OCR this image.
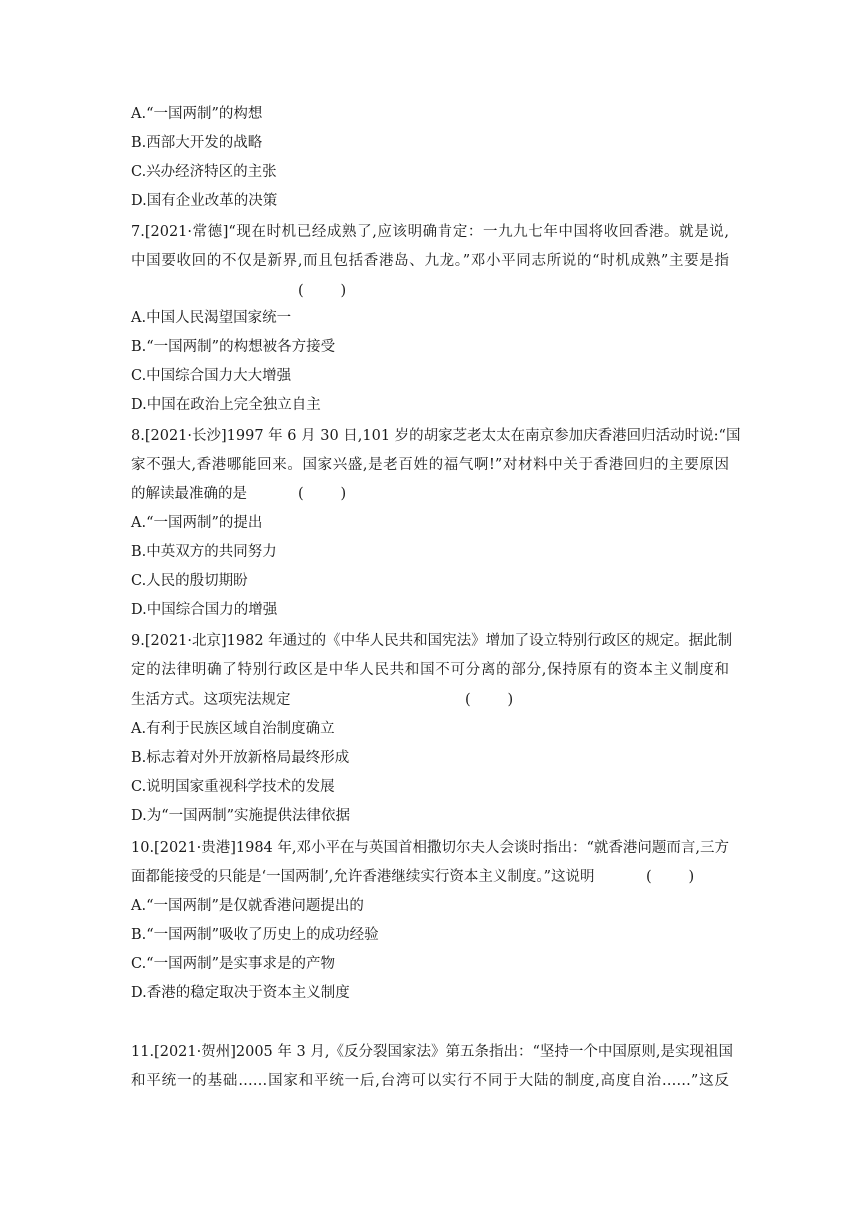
A.“一国两制”的构想
B.西部大开发的战略
C.兴办经济特区的主张
D.国有企业改革的决策
7.[2021·常德]“现在时机已经成熟了,应该明确肯定：一九九七年中国将收回香港。就是说,
中国要收回的不仅是新界,而且包括香港岛、九龙。”邓小平同志所说的“时机成熟”主要是指
(        )
A.中国人民渴望国家统一
B.“一国两制”的构想被各方接受
C.中国综合国力大大增强
D.中国在政治上完全独立自主
8.[2021·长沙]1997 年 6 月 30 日,101 岁的胡家芝老太太在南京参加庆香港回归活动时说:“国
家不强大,香港哪能回来。国家兴盛,是老百姓的福气啊!”对材料中关于香港回归的主要原因
的解读最准确的是	(        )
A.“一国两制”的提出
B.中英双方的共同努力
C.人民的殷切期盼
D.中国综合国力的增强
9.[2021·北京]1982 年通过的《中华人民共和国宪法》增加了设立特别行政区的规定。据此制
定的法律明确了特别行政区是中华人民共和国不可分离的部分,保持原有的资本主义制度和
生活方式。这项宪法规定	(        )
A.有利于民族区域自治制度确立
B.标志着对外开放新格局最终形成
C.说明国家重视科学技术的发展
D.为“一国两制”实施提供法律依据
10.[2021·贵港]1984 年,邓小平在与英国首相撒切尔夫人会谈时指出：“就香港问题而言,三方
面都能接受的只能是‘一国两制’,允许香港继续实行资本主义制度。”这说明	(        )
A.“一国两制”是仅就香港问题提出的
B.“一国两制”吸收了历史上的成功经验
C.“一国两制”是实事求是的产物
D.香港的稳定取决于资本主义制度
11.[2021·贺州]2005 年 3 月,《反分裂国家法》第五条指出：“坚持一个中国原则,是实现祖国
和平统一的基础……国家和平统一后,台湾可以实行不同于大陆的制度,高度自治……”这反
